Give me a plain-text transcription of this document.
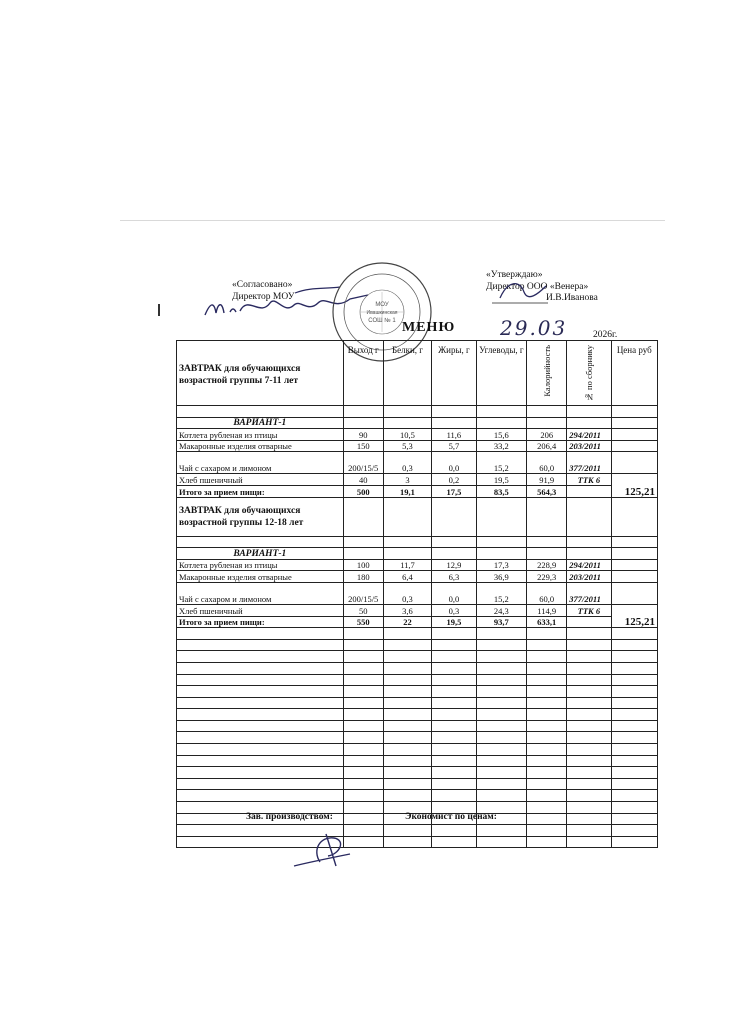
«Согласовано»
Директор МОУ
МОУ
Ивашкинская
СОШ № 1
«Утверждаю»
Директор ООО «Венера»
И.В.Иванова
МЕНЮ 29.03	2026г.
ЗАВТРАК для обучающихся возрастной группы 7-11 лет	Выход г	Белки, г	Жиры, г	Углеводы, г	Калорийность	№ по сборнику	Цена руб

ВАРИАНТ-1							
Котлета рубленая из птицы	90	10,5	11,6	15,6	206	294/2011	
Макаронные изделия отварные	150	5,3	5,7	33,2	206,4	203/2011	
Чай с сахаром и лимоном	200/15/5	0,3	0,0	15,2	60,0	377/2011	
Хлеб пшеничный	40	3	0,2	19,5	91,9	ТТК 6	125,21
Итого за прием пищи:	500	19,1	17,5	83,5	564,3		
ЗАВТРАК для обучающихся возрастной группы 12-18 лет							

ВАРИАНТ-1							
Котлета рубленая из птицы	100	11,7	12,9	17,3	228,9	294/2011	
Макаронные изделия отварные	180	6,4	6,3	36,9	229,3	203/2011	
Чай с сахаром и лимоном	200/15/5	0,3	0,0	15,2	60,0	377/2011	
Хлеб пшеничный	50	3,6	0,3	24,3	114,9	ТТК 6	125,21
Итого за прием пищи:	550	22	19,5	93,7	633,1		

Зав. производством:	Экономист по ценам:
